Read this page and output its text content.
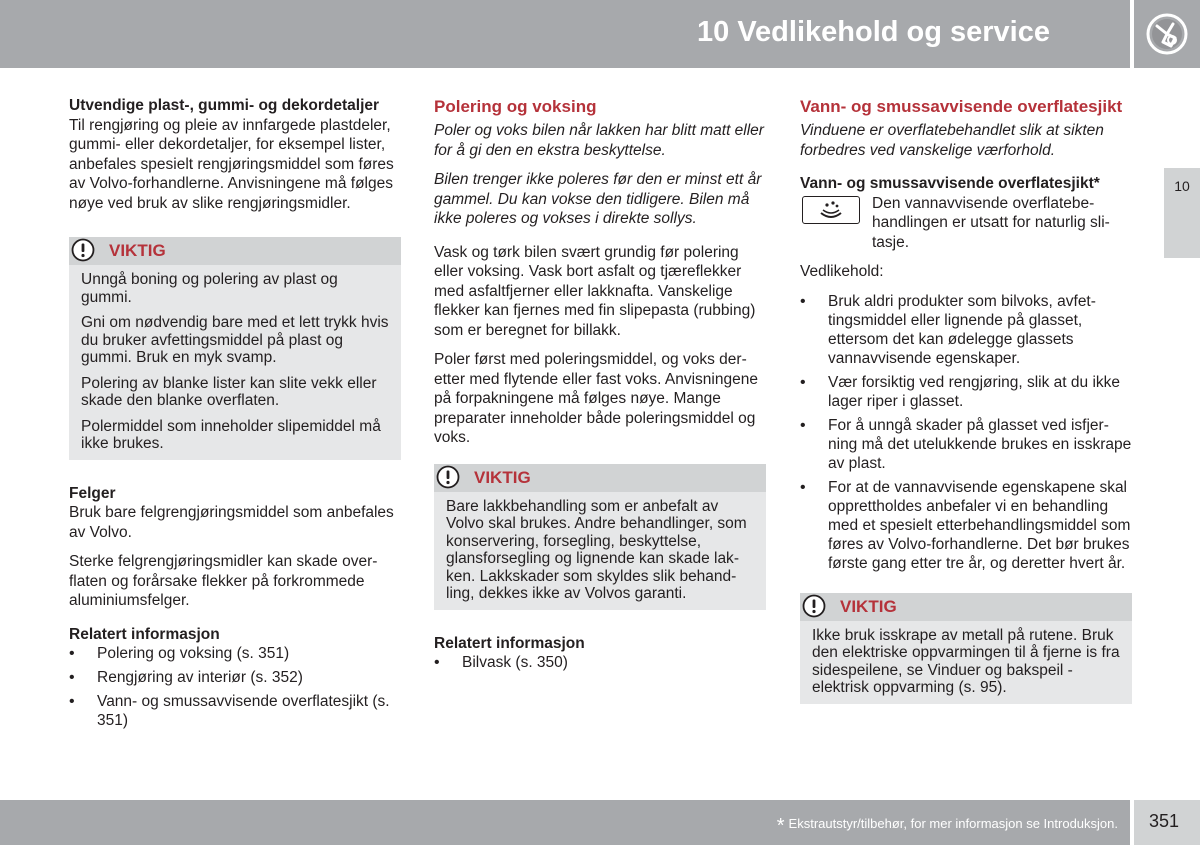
10 Vedlikehold og service
10
Utvendige plast-, gummi- og dekordetaljer

Til rengjøring og pleie av innfargede plastdeler, gummi- eller dekordetaljer, for eksempel lister, anbefales spesielt rengjøringsmiddel som føres av Volvo-forhandlerne. Anvisningene må følges nøye ved bruk av slike rengjøringsmidler.

VIKTIG

Unngå boning og polering av plast og gummi.

Gni om nødvendig bare med et lett trykk hvis du bruker avfettingsmiddel på plast og gummi. Bruk en myk svamp.

Polering av blanke lister kan slite vekk eller skade den blanke overflaten.

Polermiddel som inneholder slipemiddel må ikke brukes.

Felger

Bruk bare felgrengjøringsmiddel som anbefales av Volvo.

Sterke felgrengjøringsmidler kan skade overflaten og forårsake flekker på forkrommede aluminiumsfelger.

Relatert informasjon
• Polering og voksing (s. 351)
• Rengjøring av interiør (s. 352)
• Vann- og smussavvisende overflatesjikt (s. 351)
Polering og voksing

Poler og voks bilen når lakken har blitt matt eller for å gi den en ekstra beskyttelse.

Bilen trenger ikke poleres før den er minst ett år gammel. Du kan vokse den tidligere. Bilen må ikke poleres og vokses i direkte sollys.

Vask og tørk bilen svært grundig før polering eller voksing. Vask bort asfalt og tjæreflekker med asfaltfjerner eller lakknafta. Vanskelige flekker kan fjernes med fin slipepasta (rubbing) som er beregnet for billakk.

Poler først med poleringsmiddel, og voks deretter med flytende eller fast voks. Anvisningene på forpakningene må følges nøye. Mange preparater inneholder både poleringsmiddel og voks.

VIKTIG

Bare lakkbehandling som er anbefalt av Volvo skal brukes. Andre behandlinger, som konservering, forsegling, beskyttelse, glansforsegling og lignende kan skade lakken. Lakkskader som skyldes slik behandling, dekkes ikke av Volvos garanti.

Relatert informasjon
• Bilvask (s. 350)
Vann- og smussavvisende overflatesjikt

Vinduene er overflatebehandlet slik at sikten forbedres ved vanskelige værforhold.

Vann- og smussavvisende overflatesjikt*

Den vannavvisende overflatebehandlingen er utsatt for naturlig slitasje.

Vedlikehold:

• Bruk aldri produkter som bilvoks, avfettingsmiddel eller lignende på glasset, ettersom det kan ødelegge glassets vannavvisende egenskaper.
• Vær forsiktig ved rengjøring, slik at du ikke lager riper i glasset.
• For å unngå skader på glasset ved isfjerning må det utelukkende brukes en isskrape av plast.
• For at de vannavvisende egenskapene skal opprettholdes anbefaler vi en behandling med et spesielt etterbehandlingsmiddel som føres av Volvo-forhandlerne. Det bør brukes første gang etter tre år, og deretter hvert år.
VIKTIG

Ikke bruk isskrape av metall på rutene. Bruk den elektriske oppvarmingen til å fjerne is fra sidespeilene, se Vinduer og bakspeil - elektrisk oppvarming (s. 95).

* Ekstrautstyr/tilbehør, for mer informasjon se Introduksjon. 351
